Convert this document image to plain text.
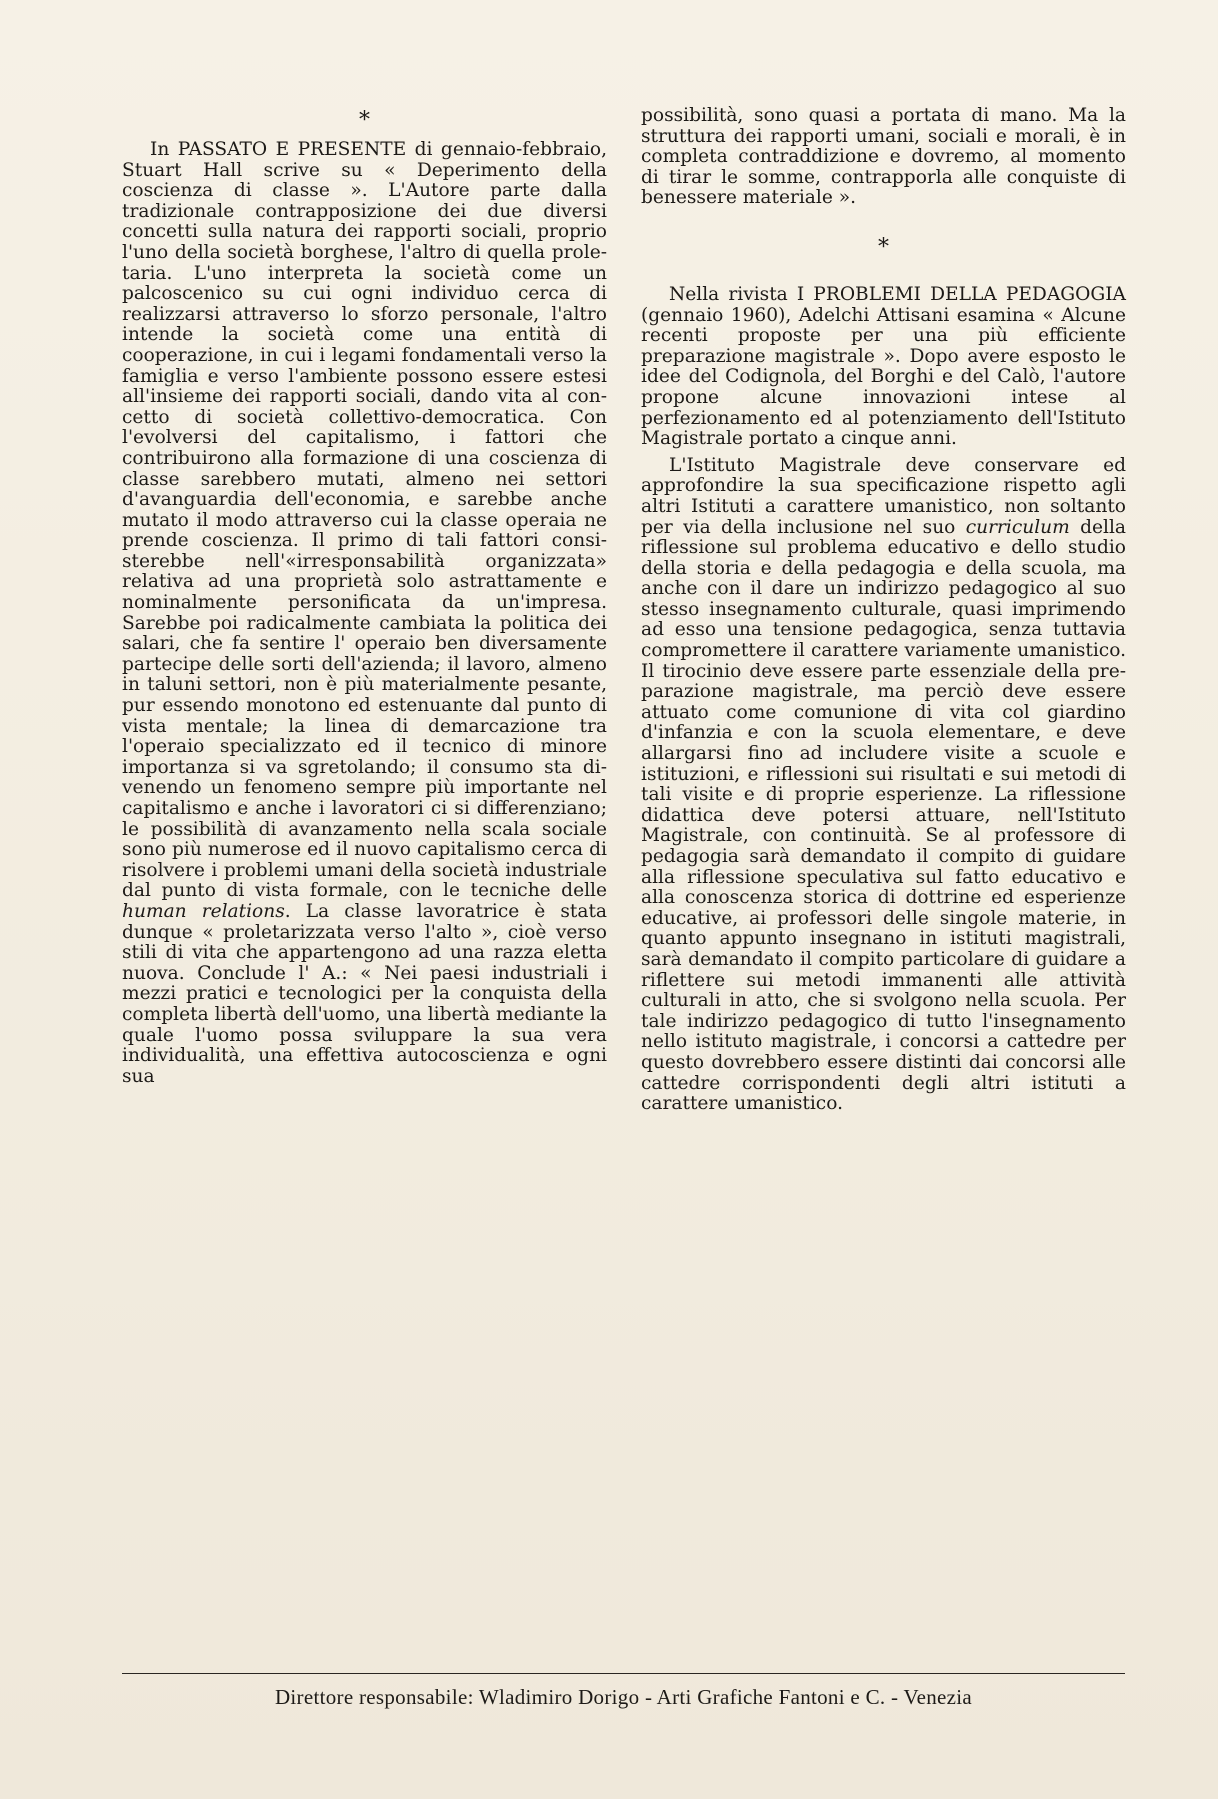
*

In PASSATO E PRESENTE di gennaio-febbraio, Stuart Hall scrive su « Deperimento della coscienza di classe ». L'Autore parte dalla tradizionale contrapposizione dei due diversi concetti sulla natura dei rapporti sociali, proprio l'uno della società borghese, l'altro di quella proletaria. L'uno interpreta la società come un palcoscenico su cui ogni individuo cerca di realizzarsi attraverso lo sforzo personale, l'altro intende la società come una entità di cooperazione, in cui i legami fondamentali verso la famiglia e verso l'ambiente possono essere estesi all'insieme dei rapporti sociali, dando vita al concetto di società collettivo-democratica. Con l'evolversi del capitalismo, i fattori che contribuirono alla formazione di una coscienza di classe sarebbero mutati, almeno nei settori d'avanguardia dell'economia, e sarebbe anche mutato il modo attraverso cui la classe operaia ne prende coscienza. Il primo di tali fattori consisterebbe nell'«irresponsabilità organizzata» relativa ad una proprietà solo astrattamente e nominalmente personificata da un'impresa. Sarebbe poi radicalmente cambiata la politica dei salari, che fa sentire l' operaio ben diversamente partecipe delle sorti dell'azienda; il lavoro, almeno in taluni settori, non è più materialmente pesante, pur essendo monotono ed estenuante dal punto di vista mentale; la linea di demarcazione tra l'operaio specializzato ed il tecnico di minore importanza si va sgretolando; il consumo sta divenendo un fenomeno sempre più importante nel capitalismo e anche i lavoratori ci si differenziano; le possibilità di avanzamento nella scala sociale sono più numerose ed il nuovo capitalismo cerca di risolvere i problemi umani della società industriale dal punto di vista formale, con le tecniche delle human relations. La classe lavoratrice è stata dunque « proletarizzata verso l'alto », cioè verso stili di vita che appartengono ad una razza eletta nuova. Conclude l' A.: « Nei paesi industriali i mezzi pratici e tecnologici per la conquista della completa libertà dell'uomo, una libertà mediante la quale l'uomo possa sviluppare la sua vera individualità, una effettiva autocoscienza e ogni sua

possibilità, sono quasi a portata di mano. Ma la struttura dei rapporti umani, sociali e morali, è in completa contraddizione e dovremo, al momento di tirar le somme, contrapporla alle conquiste di benessere materiale ».

*

Nella rivista I PROBLEMI DELLA PEDAGOGIA (gennaio 1960), Adelchi Attisani esamina « Alcune recenti proposte per una più efficiente preparazione magistrale ». Dopo avere esposto le idee del Codignola, del Borghi e del Calò, l'autore propone alcune innovazioni intese al perfezionamento ed al potenziamento dell'Istituto Magistrale portato a cinque anni.

L'Istituto Magistrale deve conservare ed approfondire la sua specificazione rispetto agli altri Istituti a carattere umanistico, non soltanto per via della inclusione nel suo curriculum della riflessione sul problema educativo e dello studio della storia e della pedagogia e della scuola, ma anche con il dare un indirizzo pedagogico al suo stesso insegnamento culturale, quasi imprimendo ad esso una tensione pedagogica, senza tuttavia compromettere il carattere variamente umanistico. Il tirocinio deve essere parte essenziale della preparazione magistrale, ma perciò deve essere attuato come comunione di vita col giardino d'infanzia e con la scuola elementare, e deve allargarsi fino ad includere visite a scuole e istituzioni, e riflessioni sui risultati e sui metodi di tali visite e di proprie esperienze. La riflessione didattica deve potersi attuare, nell'Istituto Magistrale, con continuità. Se al professore di pedagogia sarà demandato il compito di guidare alla riflessione speculativa sul fatto educativo e alla conoscenza storica di dottrine ed esperienze educative, ai professori delle singole materie, in quanto appunto insegnano in istituti magistrali, sarà demandato il compito particolare di guidare a riflettere sui metodi immanenti alle attività culturali in atto, che si svolgono nella scuola. Per tale indirizzo pedagogico di tutto l'insegnamento nello istituto magistrale, i concorsi a cattedre per questo dovrebbero essere distinti dai concorsi alle cattedre corrispondenti degli altri istituti a carattere umanistico.

Direttore responsabile: Wladimiro Dorigo - Arti Grafiche Fantoni e C. - Venezia
